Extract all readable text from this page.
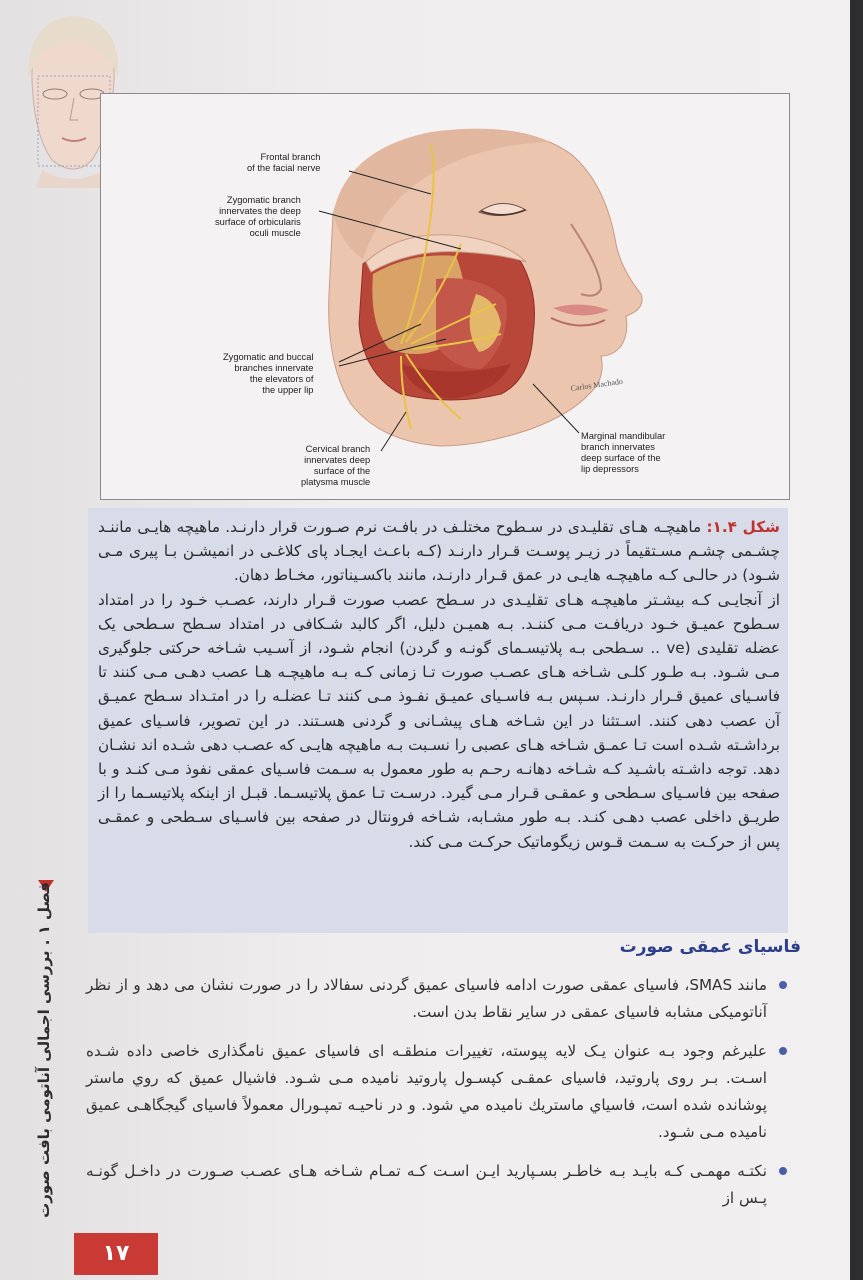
Carlos Machado
Frontal branch
of the facial nerve
Zygomatic branch
innervates the deep
surface of orbicularis
oculi muscle
Zygomatic and buccal
branches innervate
the elevators of
the upper lip
Cervical branch
innervates deep
surface of the
platysma muscle
Marginal mandibular
branch innervates
deep surface of the
lip depressors

شکل ۱.۴: ماهیچـه هـای تقلیـدی در سـطوح مختلـف در بافـت نرم صـورت قرار دارنـد. ماهیچه هایـی ماننـد چشـمی چشـم مسـتقیماً در زیـر پوسـت قـرار دارنـد (کـه باعـث ایجـاد پای کلاغـی در انمیشـن بـا پیری مـی شـود) در حالـی کـه ماهیچـه هایـی در عمق قـرار دارنـد، مانند باکسـیناتور، مخـاط دهان.

از آنجایـی کـه بیشـتر ماهیچـه هـای تقلیـدی در سـطح عصب صورت قـرار دارند، عصـب خـود را در امتداد سـطوح عمیـق خـود دریافـت مـی کننـد. بـه همیـن دلیل، اگر کالبد شـکافی در امتداد سـطح سـطحی یک عضله تقلیدی (ve .. سـطحی بـه پلاتیسـمای گونـه و گردن) انجام شـود، از آسـیب شـاخه حرکتی جلوگیری مـی شـود. بـه طـور کلـی شـاخه هـای عصـب صورت تـا زمانی کـه بـه ماهیچـه هـا عصب دهـی مـی کنند تا فاسـیای عمیق قـرار دارنـد. سـپس بـه فاسـیای عمیـق نفـوذ مـی کنند تـا عضلـه را در امتـداد سـطح عمیـق آن عصب دهی کنند. اسـتثنا در این شـاخه هـای پیشـانی و گردنی هسـتند. در این تصویر، فاسـیای عمیق برداشـته شـده است تـا عمـق شـاخه هـای عصبی را نسـبت بـه ماهیچه هایـی که عصـب دهی شـده اند نشـان دهد. توجه داشـته باشـید کـه شـاخه دهانـه رحـم به طور معمول به سـمت فاسـیای عمقی نفوذ مـی کنـد و با صفحه بین فاسـیای سـطحی و عمقـی قـرار مـی گیرد. درسـت تـا عمق پلاتیسـما. قبـل از اینکه پلاتیسـما را از طریـق داخلی عصب دهـی کنـد. بـه طور مشـابه، شـاخه فرونتال در صفحه بین فاسـیای سـطحی و عمقـی پس از حرکـت به سـمت قـوس زیگوماتیک حرکـت مـی کند.

فاسیای عمقی صورت
مانند SMAS، فاسیای عمقی صورت ادامه فاسیای عمیق گردنی سفالاد را در صورت نشان می دهد و از نظر آناتومیکی مشابه فاسیای عمقی در سایر نقاط بدن است.
علیرغم وجود بـه عنوان یـک لایه پیوسته، تغییرات منطقـه ای فاسیای عمیق نامگذاری خاصی داده شـده اسـت. بـر روی پاروتید، فاسیای عمقـی کپسـول پاروتید نامیده مـی شـود. فاشیال عمیق که روي ماستر پوشانده شده است، فاسياي ماستريك ناميده مي شود. و در ناحیـه تمپـورال معمولاً فاسیای گیجگاهـی عمیق نامیده مـی شـود.
نکتـه مهمـی کـه بایـد بـه خاطـر بسـپارید ایـن اسـت کـه تمـام شـاخه هـای عصـب صـورت در داخـل گونـه پـس از
فصل ۱ . بررسی اجمالی آناتومی بافت صورت
۱۷
